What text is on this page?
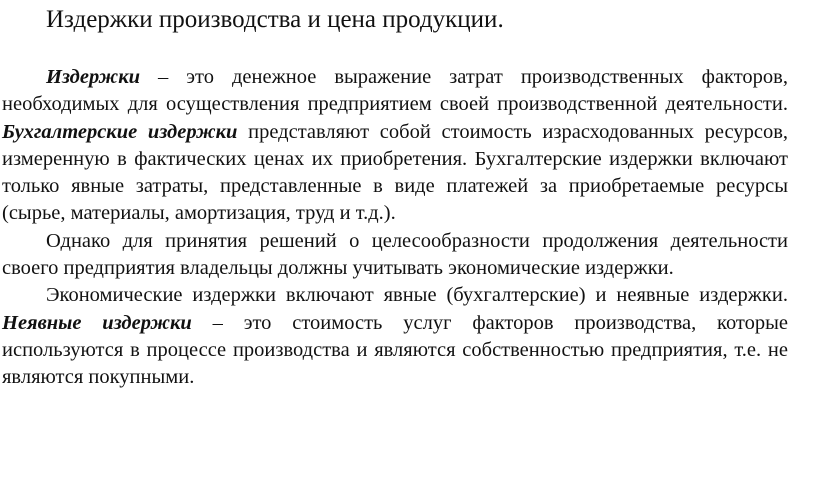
Издержки производства и цена продукции.

Издержки – это денежное выражение затрат производственных факторов, необходимых для осуществления предприятием своей производственной деятельности. Бухгалтерские издержки представляют собой стоимость израсходованных ресурсов, измеренную в фактических ценах их приобретения. Бухгалтерские издержки включают только явные затраты, представленные в виде платежей за приобретаемые ресурсы (сырье, материалы, амортизация, труд и т.д.).

Однако для принятия решений о целесообразности продолжения деятельности своего предприятия владельцы должны учитывать экономические издержки.

Экономические издержки включают явные (бухгалтерские) и неявные издержки. Неявные издержки – это стоимость услуг факторов производства, которые используются в процессе производства и являются собственностью предприятия, т.е. не являются покупными.
